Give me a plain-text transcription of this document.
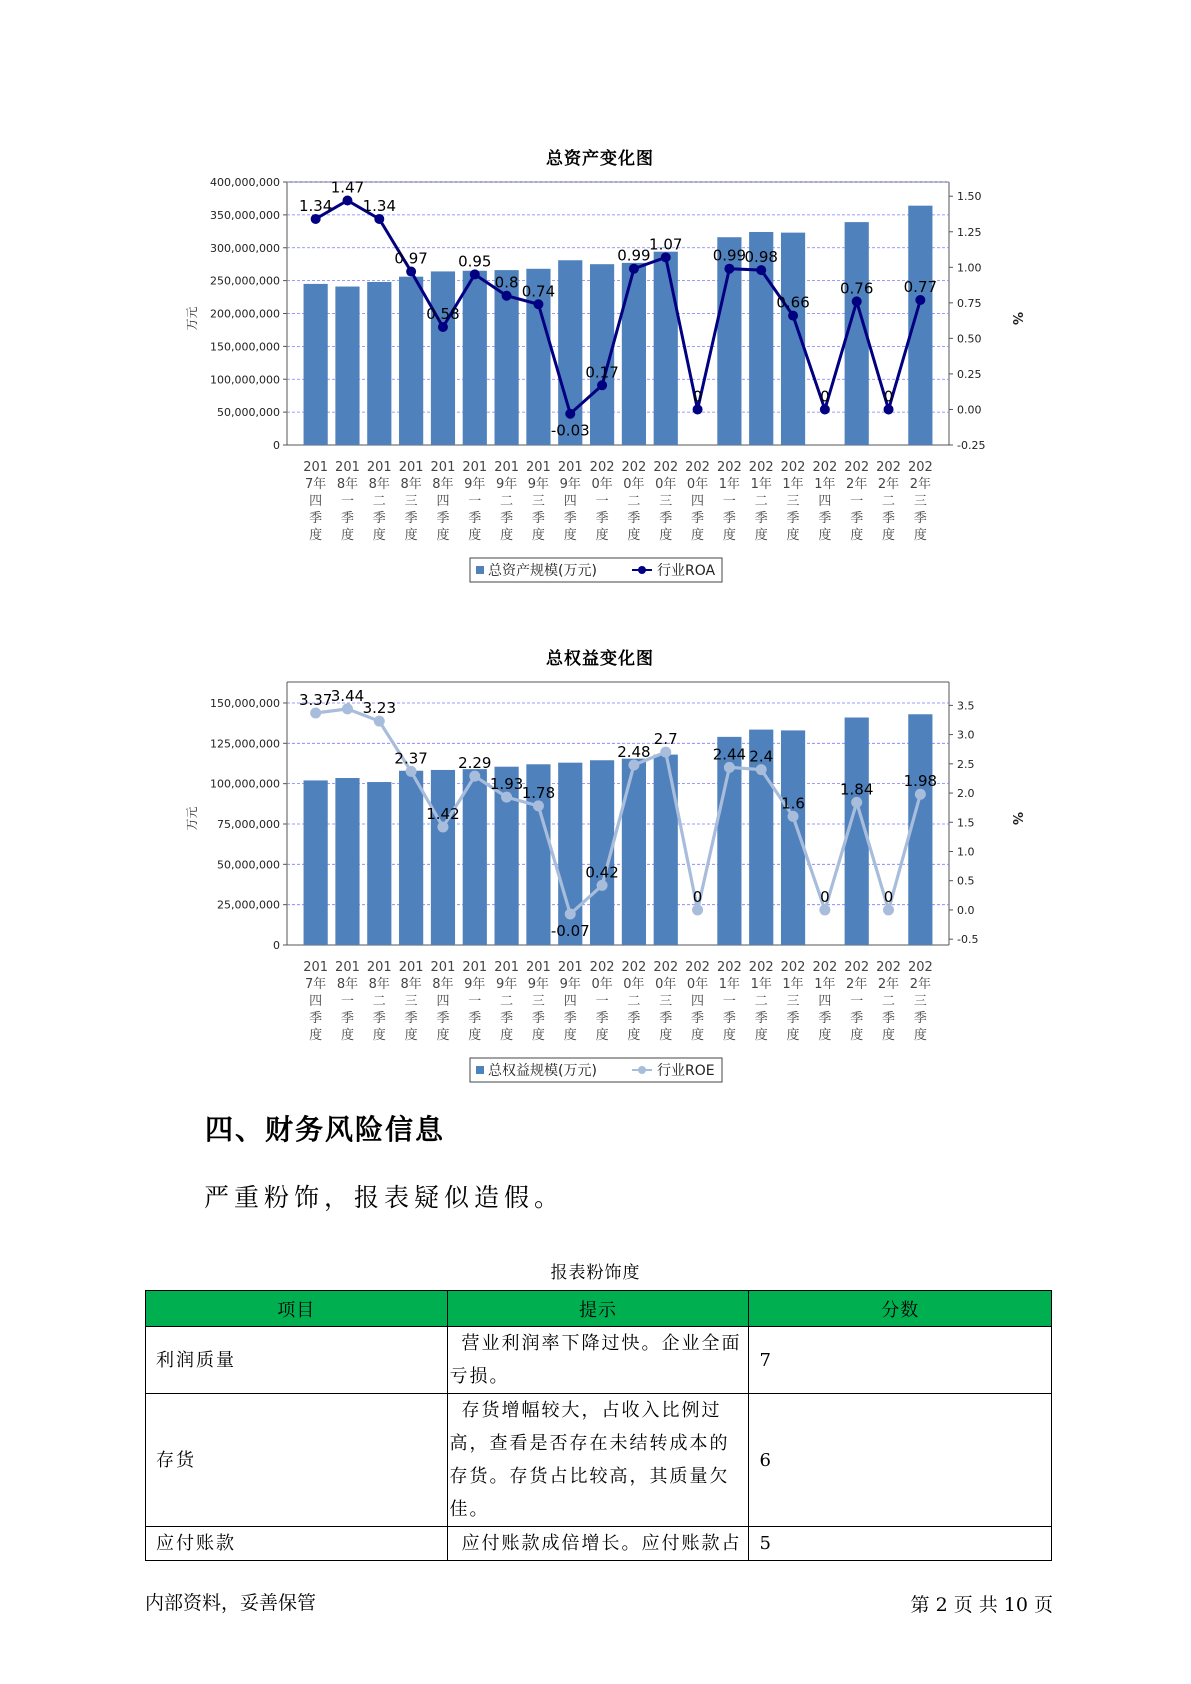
总资产变化图
0
50,000,000
100,000,000
150,000,000
200,000,000
250,000,000
300,000,000
350,000,000
400,000,000
-0.25
0.00
0.25
0.50
0.75
1.00
1.25
1.50
万元	%
1.34
1.47
1.34
0.97
0.58
0.95
0.8 0.74
-0.03
0.17
0.99
1.07
0
0.99
0.98
0.66
0
0.76
0
0.77
201 7年四季度
201 8年一季度
201 8年二季度
201 8年三季度
201 8年四季度
201 9年一季度
201 9年二季度
201 9年三季度
201 9年四季度
202 0年一季度
202 0年二季度
202 0年三季度
202 0年四季度
202 1年一季度
202 1年二季度
202 1年三季度
202 1年四季度
202 2年一季度
202 2年二季度
202 2年三季度
总资产规模(万元)	行业ROA
总权益变化图
0
25,000,000
50,000,000
75,000,000
100,000,000
125,000,000
150,000,000
-0.5
0.0
0.5
1.0
1.5
2.0
2.5
3.0
3.5
万元	%
3.37
3.44
3.23
2.37
1.42
2.29
1.93
1.78
-0.07
0.42
2.48
2.7
0
2.44 2.4
1.6
0
1.84
0
1.98
201 7年四季度
201 8年一季度
201 8年二季度
201 8年三季度
201 8年四季度
201 9年一季度
201 9年二季度
201 9年三季度
201 9年四季度
202 0年一季度
202 0年二季度
202 0年三季度
202 0年四季度
202 1年一季度
202 1年二季度
202 1年三季度
202 1年四季度
202 2年一季度
202 2年二季度
202 2年三季度
总权益规模(万元)	行业ROE
四、财务风险信息
严重粉饰，报表疑似造假。
报表粉饰度
项目	提示	分数
利润质量	营业利润率下降过快。企业全面亏损。	7
存货	存货增幅较大，占收入比例过高，查看是否存在未结转成本的存货。存货占比较高，其质量欠佳。	6
应付账款	应付账款成倍增长。应付账款占	5
内部资料，妥善保管	第 2 页 共 10 页
